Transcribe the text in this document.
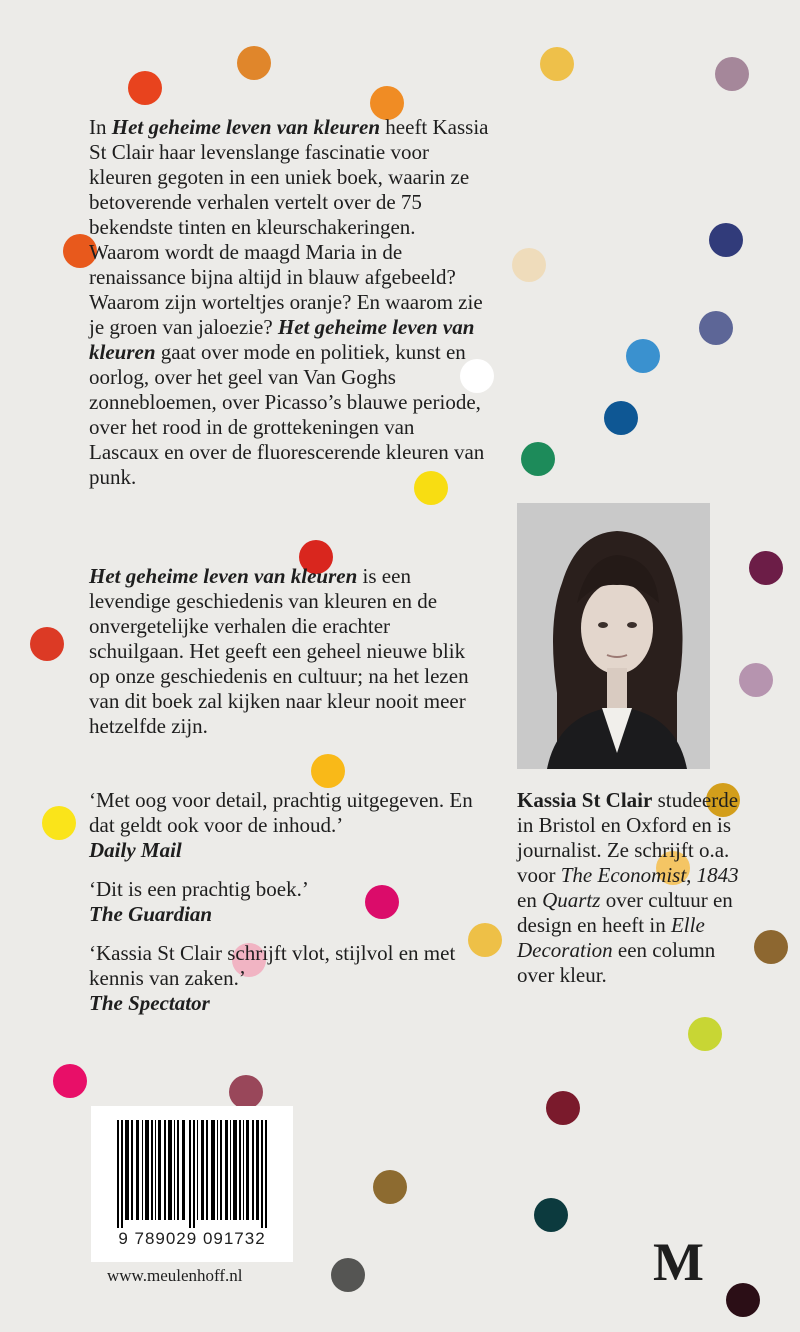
In Het geheime leven van kleuren heeft Kassia St Clair haar levenslange fascinatie voor kleuren gegoten in een uniek boek, waarin ze betoverende verhalen vertelt over de 75 bekendste tinten en kleurschakeringen. Waarom wordt de maagd Maria in de renaissance bijna altijd in blauw afgebeeld? Waarom zijn worteltjes oranje? En waarom zie je groen van jaloezie? Het geheime leven van kleuren gaat over mode en politiek, kunst en oorlog, over het geel van Van Goghs zonnebloemen, over Picasso’s blauwe periode, over het rood in de grottekeningen van Lascaux en over de fluorescerende kleuren van punk.

Het geheime leven van kleuren is een levendige geschiedenis van kleuren en de onvergetelijke verhalen die erachter schuilgaan. Het geeft een geheel nieuwe blik op onze geschiedenis en cultuur; na het lezen van dit boek zal kijken naar kleur nooit meer hetzelfde zijn.

‘Met oog voor detail, prachtig uitgegeven. En dat geldt ook voor de inhoud.’
Daily Mail
‘Dit is een prachtig boek.’
The Guardian
‘Kassia St Clair schrijft vlot, stijlvol en met kennis van zaken.’
The Spectator

Kassia St Clair studeerde in Bristol en Oxford en is journalist. Ze schrijft o.a. voor The Economist, 1843 en Quartz over cultuur en design en heeft in Elle Decoration een column over kleur.

9 789029 091732
www.meulenhoff.nl	M
